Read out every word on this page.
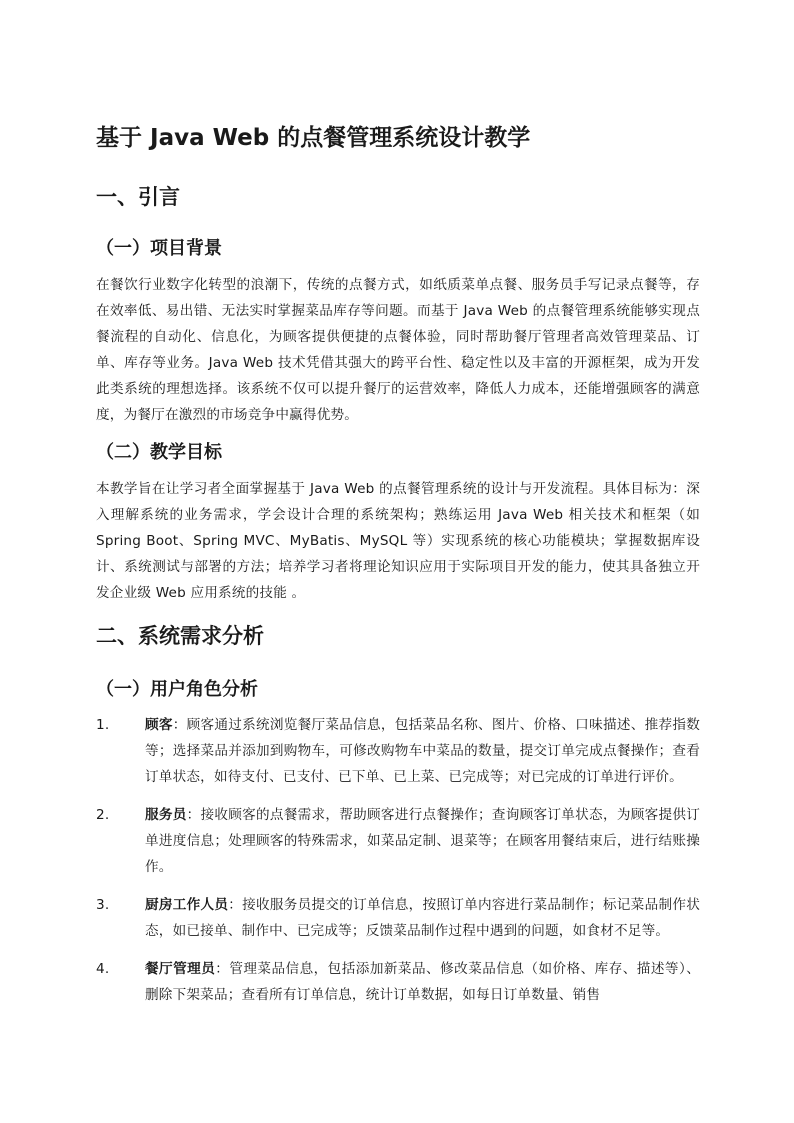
基于 Java Web 的点餐管理系统设计教学
一、引言
（一）项目背景

在餐饮行业数字化转型的浪潮下，传统的点餐方式，如纸质菜单点餐、服务员手写记录点餐等，存在效率低、易出错、无法实时掌握菜品库存等问题。而基于 Java Web 的点餐管理系统能够实现点餐流程的自动化、信息化，为顾客提供便捷的点餐体验，同时帮助餐厅管理者高效管理菜品、订单、库存等业务。Java Web 技术凭借其强大的跨平台性、稳定性以及丰富的开源框架，成为开发此类系统的理想选择。该系统不仅可以提升餐厅的运营效率，降低人力成本，还能增强顾客的满意度，为餐厅在激烈的市场竞争中赢得优势。

（二）教学目标

本教学旨在让学习者全面掌握基于 Java Web 的点餐管理系统的设计与开发流程。具体目标为：深入理解系统的业务需求，学会设计合理的系统架构；熟练运用 Java Web 相关技术和框架（如 Spring Boot、Spring MVC、MyBatis、MySQL 等）实现系统的核心功能模块；掌握数据库设计、系统测试与部署的方法；培养学习者将理论知识应用于实际项目开发的能力，使其具备独立开发企业级 Web 应用系统的技能 。

二、系统需求分析
（一）用户角色分析
1.	顾客：顾客通过系统浏览餐厅菜品信息，包括菜品名称、图片、价格、口味描述、推荐指数等；选择菜品并添加到购物车，可修改购物车中菜品的数量，提交订单完成点餐操作；查看订单状态，如待支付、已支付、已下单、已上菜、已完成等；对已完成的订单进行评价。
2.	服务员：接收顾客的点餐需求，帮助顾客进行点餐操作；查询顾客订单状态，为顾客提供订单进度信息；处理顾客的特殊需求，如菜品定制、退菜等；在顾客用餐结束后，进行结账操作。
3.	厨房工作人员：接收服务员提交的订单信息，按照订单内容进行菜品制作；标记菜品制作状态，如已接单、制作中、已完成等；反馈菜品制作过程中遇到的问题，如食材不足等。
4.	餐厅管理员：管理菜品信息，包括添加新菜品、修改菜品信息（如价格、库存、描述等）、删除下架菜品；查看所有订单信息，统计订单数据，如每日订单数量、销售
